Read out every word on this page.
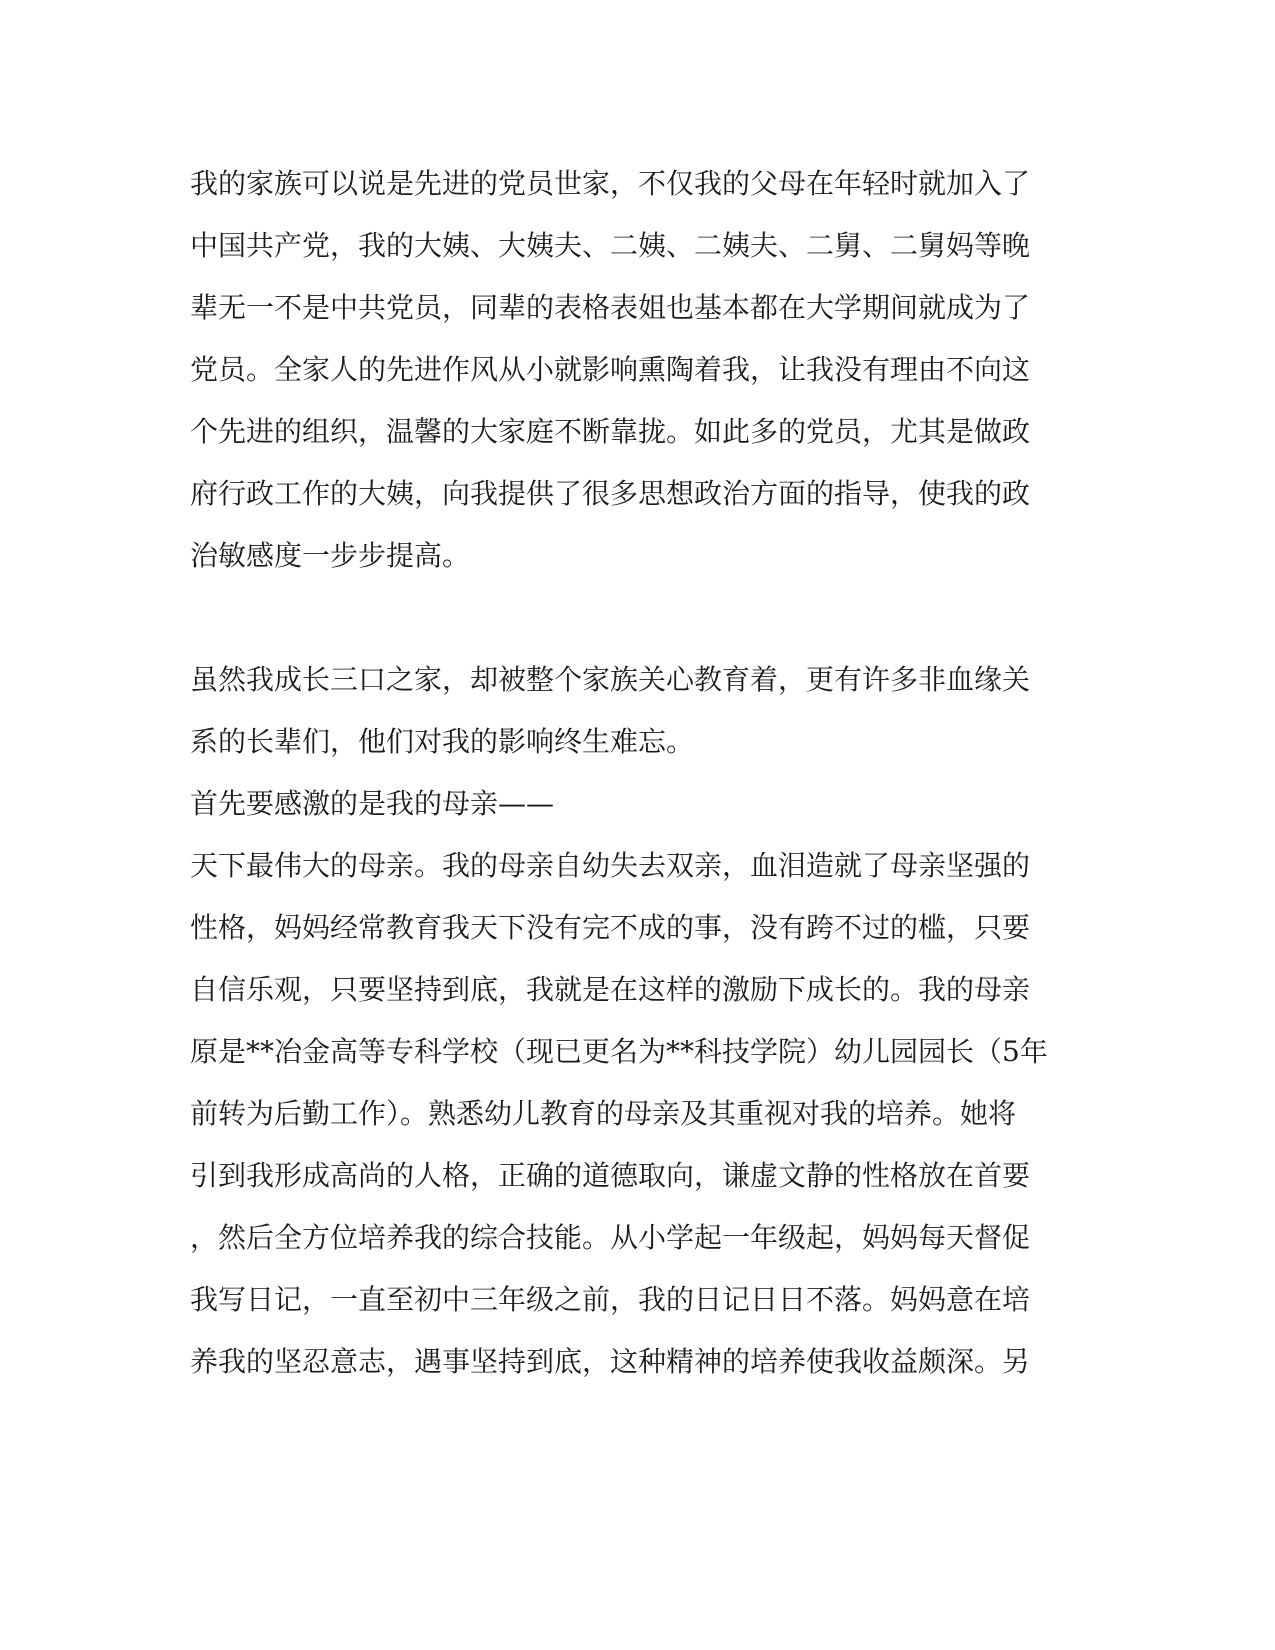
我的家族可以说是先进的党员世家，不仅我的父母在年轻时就加入了

中国共产党，我的大姨、大姨夫、二姨、二姨夫、二舅、二舅妈等晚

辈无一不是中共党员，同辈的表格表姐也基本都在大学期间就成为了

党员。全家人的先进作风从小就影响熏陶着我，让我没有理由不向这

个先进的组织，温馨的大家庭不断靠拢。如此多的党员，尤其是做政

府行政工作的大姨，向我提供了很多思想政治方面的指导，使我的政

治敏感度一步步提高。

虽然我成长三口之家，却被整个家族关心教育着，更有许多非血缘关

系的长辈们，他们对我的影响终生难忘。

首先要感激的是我的母亲——

天下最伟大的母亲。我的母亲自幼失去双亲，血泪造就了母亲坚强的

性格，妈妈经常教育我天下没有完不成的事，没有跨不过的槛，只要

自信乐观，只要坚持到底，我就是在这样的激励下成长的。我的母亲

原是**冶金高等专科学校（现已更名为**科技学院）幼儿园园长（5年

前转为后勤工作）。熟悉幼儿教育的母亲及其重视对我的培养。她将

引到我形成高尚的人格，正确的道德取向，谦虚文静的性格放在首要

，然后全方位培养我的综合技能。从小学起一年级起，妈妈每天督促

我写日记，一直至初中三年级之前，我的日记日日不落。妈妈意在培

养我的坚忍意志，遇事坚持到底，这种精神的培养使我收益颇深。另
